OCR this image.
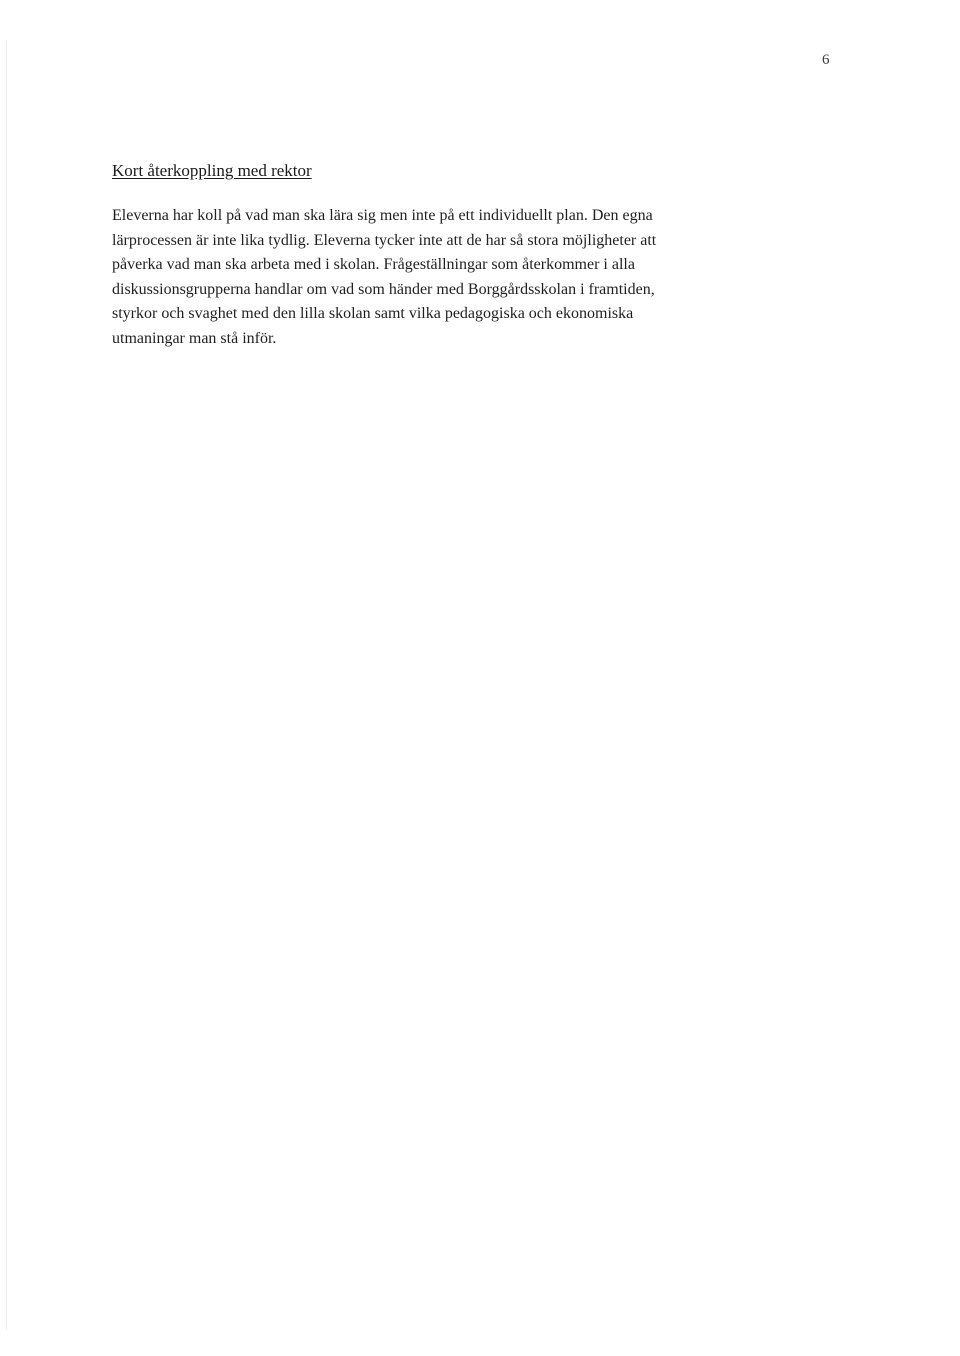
6
Kort återkoppling med rektor

Eleverna har koll på vad man ska lära sig men inte på ett individuellt plan. Den egna
lärprocessen är inte lika tydlig. Eleverna tycker inte att de har så stora möjligheter att
påverka vad man ska arbeta med i skolan. Frågeställningar som återkommer i alla
diskussionsgrupperna handlar om vad som händer med Borggårdsskolan i framtiden,
styrkor och svaghet med den lilla skolan samt vilka pedagogiska och ekonomiska
utmaningar man stå inför.
